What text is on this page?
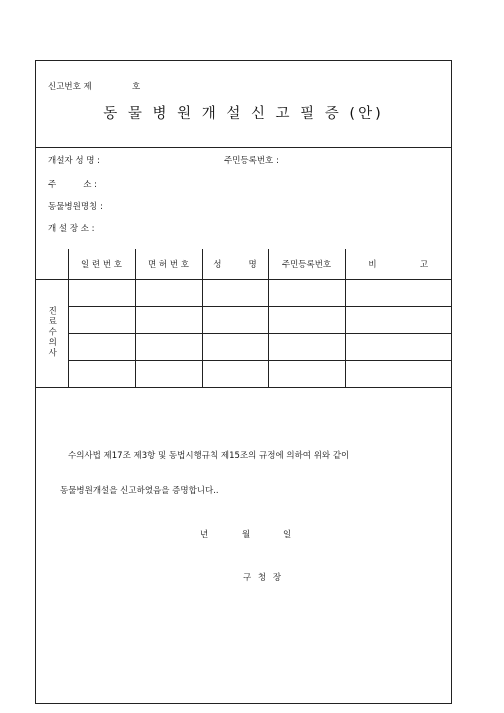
신고번호 제	호
동 물 병 원 개 설 신 고 필 증 (안)
개설자 성 명 :	주민등록번호 :
주          소 :
동물병원명칭 :
개 설 장 소 :
	일 련 번 호	면 허 번 호	성          명	주민등록번호	비                고
진료수의사					

수의사법 제17조 제3항 및 동법시행규칙 제15조의 규정에 의하여 위와 같이
동물병원개설을 신고하였음을 증명합니다..
년	월	일
구 청 장
